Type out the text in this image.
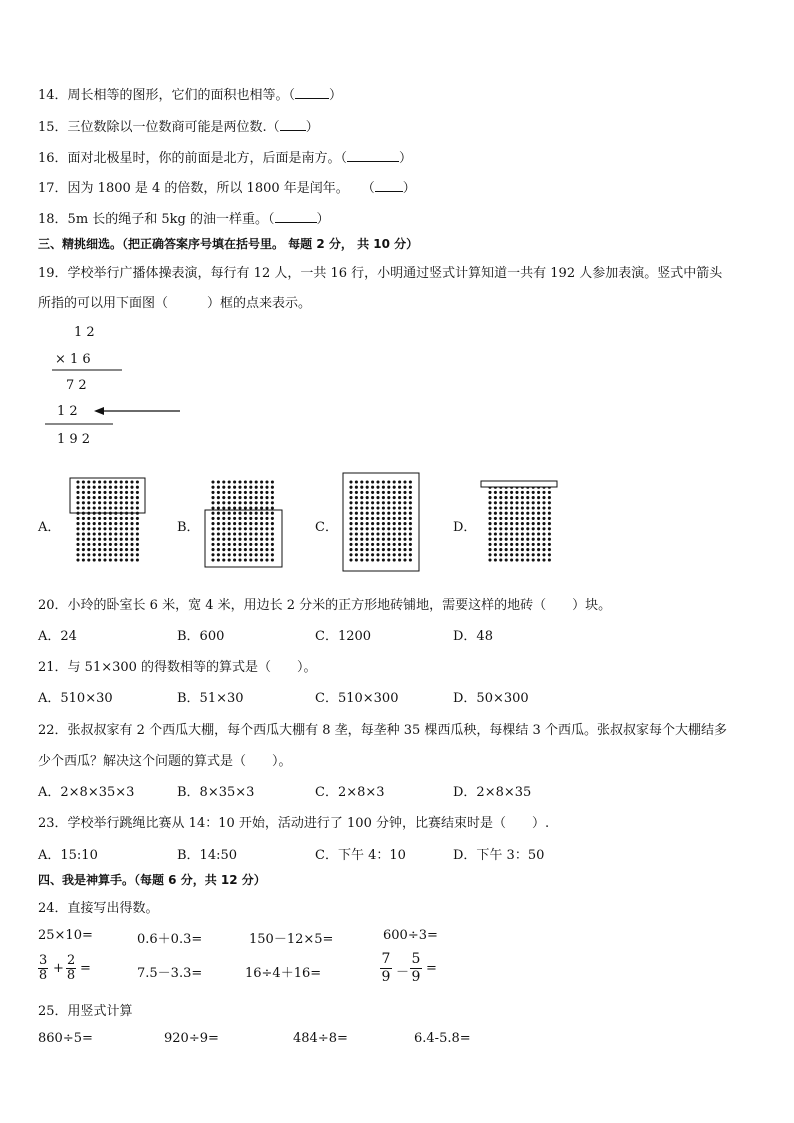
14．周长相等的图形，它们的面积也相等。（	）
15．三位数除以一位数商可能是两位数.（ ）
16．面对北极星时，你的前面是北方，后面是南方。（	）
17．因为 1800 是 4 的倍数，所以 1800 年是闰年。　　（ ）
18．5m 长的绳子和 5kg 的油一样重。（	）
三、精挑细选。（把正确答案序号填在括号里。 每题 2 分， 共 10 分）
19．学校举行广播体操表演，每行有 12 人，一共 16 行，小明通过竖式计算知道一共有 192 人参加表演。竖式中箭头
所指的可以用下面图（　　　）框的点来表示。
1 2
× 1 6
7 2
1 2
1 9 2
A．	B．	C．	D．
20．小玲的卧室长 6 米，宽 4 米，用边长 2 分米的正方形地砖铺地，需要这样的地砖（　　）块。
A．24	B．600	C．1200	D．48
21．与 51×300 的得数相等的算式是（　　）。
A．510×30	B．51×30	C．510×300	D．50×300
22．张叔叔家有 2 个西瓜大棚，每个西瓜大棚有 8 垄，每垄种 35 棵西瓜秧，每棵结 3 个西瓜。张叔叔家每个大棚结多
少个西瓜？解决这个问题的算式是（　　）。
A．2×8×35×3	B．8×35×3	C．2×8×3	D．2×8×35
23．学校举行跳绳比赛从 14：10 开始，活动进行了 100 分钟，比赛结束时是（　　）.
A．15:10	B．14:50	C．下午 4：10	D．下午 3：50
四、我是神算手。（每题 6 分，共 12 分）
24．直接写出得数。
25×10=	0.6＋0.3=	150－12×5=	600÷3=
$\frac{3}{8} + \frac{2}{8}$ =	7.5－3.3=	16÷4＋16=	$\frac{7}{9} - \frac{5}{9}$ =
25．用竖式计算
860÷5=	920÷9=	484÷8=	6.4-5.8=
